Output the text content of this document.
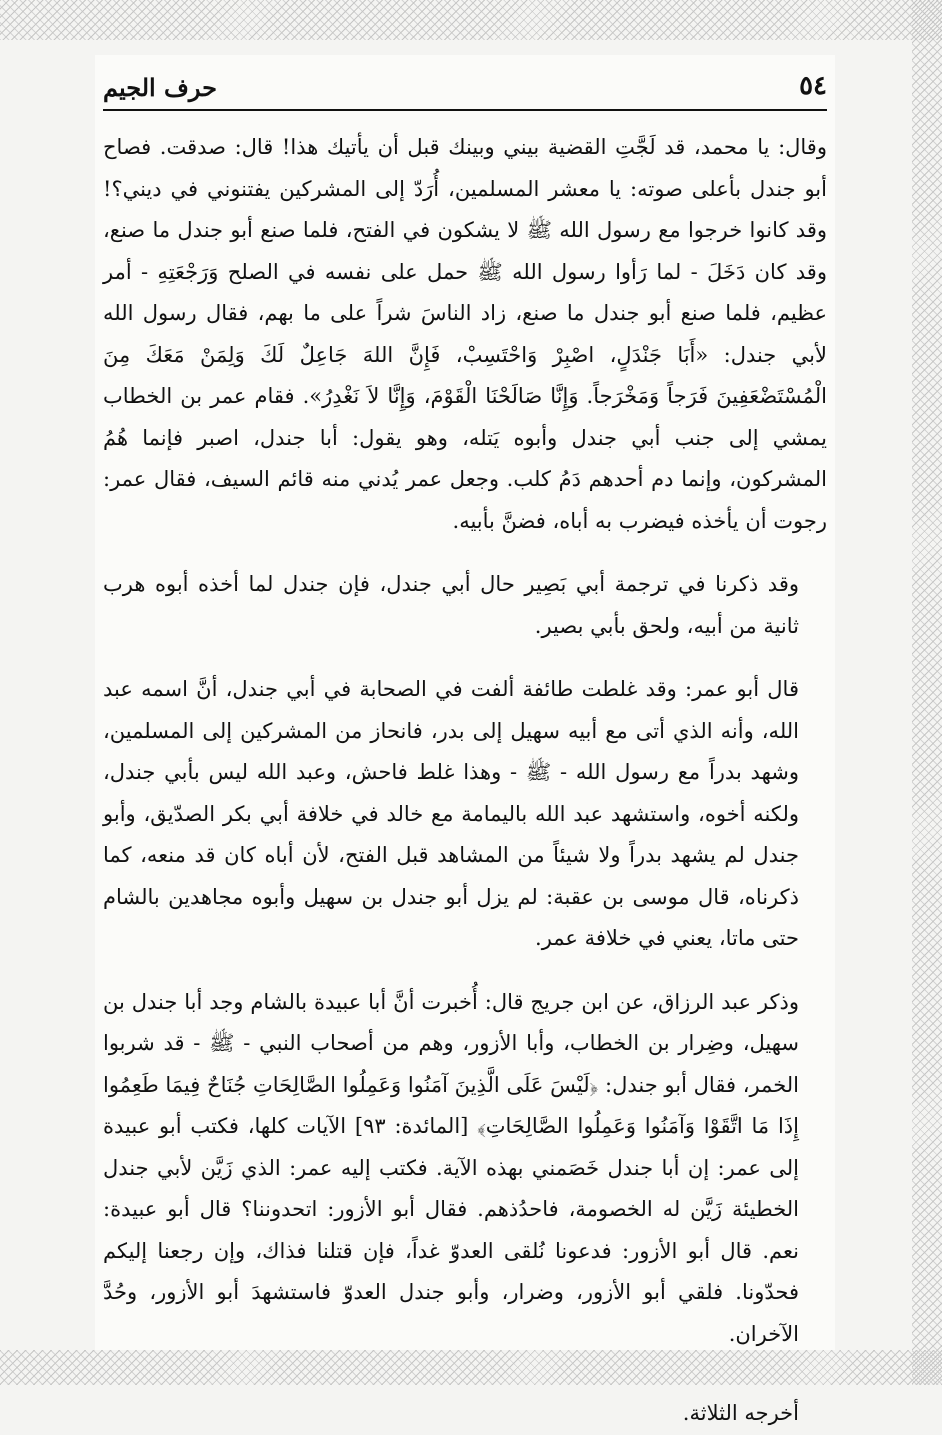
٥٤
حرف الجيم

وقال: يا محمد، قد لَجَّتِ القضية بيني وبينك قبل أن يأتيك هذا! قال: صدقت. فصاح أبو جندل بأعلى صوته: يا معشر المسلمين، أُرَدّ إلى المشركين يفتنوني في ديني؟! وقد كانوا خرجوا مع رسول الله ﷺ لا يشكون في الفتح، فلما صنع أبو جندل ما صنع، وقد كان دَخَلَ - لما رَأوا رسول الله ﷺ حمل على نفسه في الصلح وَرَجْعَتِهِ - أمر عظيم، فلما صنع أبو جندل ما صنع، زاد الناسَ شراً على ما بهم، فقال رسول الله لأبي جندل: «أَبَا جَنْدَلٍ، اصْبِرْ وَاحْتَسِبْ، فَإِنَّ اللهَ جَاعِلٌ لَكَ وَلِمَنْ مَعَكَ مِنَ الْمُسْتَضْعَفِينَ فَرَجاً وَمَخْرَجاً. وَإِنَّا صَالَحْنَا الْقَوْمَ، وَإِنَّا لاَ نَغْدِرُ». فقام عمر بن الخطاب يمشي إلى جنب أبي جندل وأبوه يَتله، وهو يقول: أبا جندل، اصبر فإنما هُمُ المشركون، وإنما دم أحدهم دَمُ كلب. وجعل عمر يُدني منه قائم السيف، فقال عمر: رجوت أن يأخذه فيضرب به أباه، فضنَّ بأبيه.

وقد ذكرنا في ترجمة أبي بَصِير حال أبي جندل، فإن جندل لما أخذه أبوه هرب ثانية من أبيه، ولحق بأبي بصير.

قال أبو عمر: وقد غلطت طائفة ألفت في الصحابة في أبي جندل، أنَّ اسمه عبد الله، وأنه الذي أتى مع أبيه سهيل إلى بدر، فانحاز من المشركين إلى المسلمين، وشهد بدراً مع رسول الله - ﷺ - وهذا غلط فاحش، وعبد الله ليس بأبي جندل، ولكنه أخوه، واستشهد عبد الله باليمامة مع خالد في خلافة أبي بكر الصدّيق، وأبو جندل لم يشهد بدراً ولا شيئاً من المشاهد قبل الفتح، لأن أباه كان قد منعه، كما ذكرناه، قال موسى بن عقبة: لم يزل أبو جندل بن سهيل وأبوه مجاهدين بالشام حتى ماتا، يعني في خلافة عمر.

وذكر عبد الرزاق، عن ابن جريج قال: أُخبرت أنَّ أبا عبيدة بالشام وجد أبا جندل بن سهيل، وضِرار بن الخطاب، وأبا الأزور، وهم من أصحاب النبي - ﷺ - قد شربوا الخمر، فقال أبو جندل: ﴿لَيْسَ عَلَى الَّذِينَ آمَنُوا وَعَمِلُوا الصَّالِحَاتِ جُنَاحٌ فِيمَا طَعِمُوا إِذَا مَا اتَّقَوْا وَآمَنُوا وَعَمِلُوا الصَّالِحَاتِ﴾ [المائدة: ٩٣] الآيات كلها، فكتب أبو عبيدة إلى عمر: إن أبا جندل خَصَمني بهذه الآية. فكتب إليه عمر: الذي زَيَّن لأبي جندل الخطيئة زَيَّن له الخصومة، فاحدُذهم. فقال أبو الأزور: اتحدوننا؟ قال أبو عبيدة: نعم. قال أبو الأزور: فدعونا نُلقى العدوّ غداً، فإن قتلنا فذاك، وإن رجعنا إليكم فحدّونا. فلقي أبو الأزور، وضرار، وأبو جندل العدوّ فاستشهدَ أبو الأزور، وحُدَّ الآخران.

أخرجه الثلاثة.
